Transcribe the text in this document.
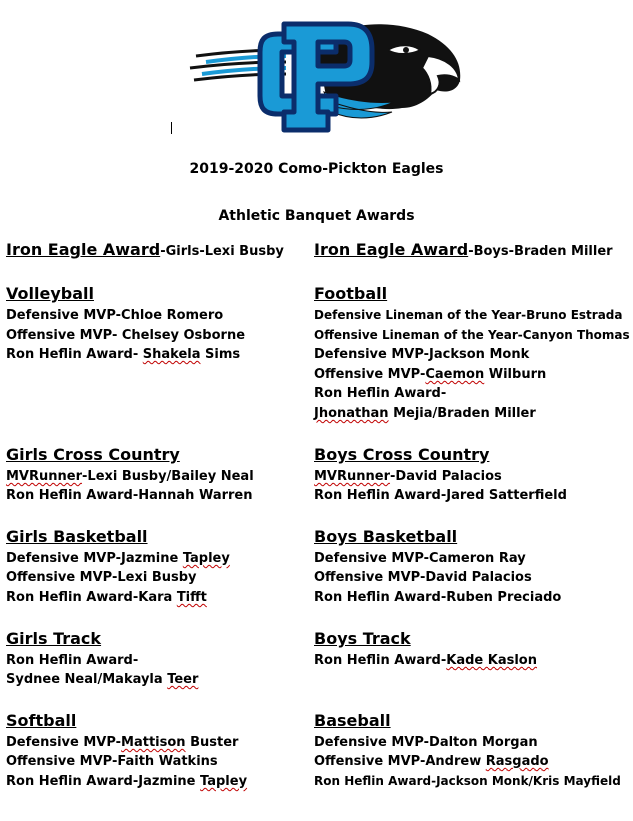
2019-2020 Como-Pickton Eagles
Athletic Banquet Awards
Iron Eagle Award-Girls-Lexi Busby
Volleyball
Defensive MVP-Chloe Romero
Offensive MVP- Chelsey Osborne
Ron Heflin Award- Shakela Sims
Girls Cross Country
MVRunner-Lexi Busby/Bailey Neal
Ron Heflin Award-Hannah Warren
Girls Basketball
Defensive MVP-Jazmine Tapley
Offensive MVP-Lexi Busby
Ron Heflin Award-Kara Tifft
Girls Track
Ron Heflin Award-
Sydnee Neal/Makayla Teer
Softball
Defensive MVP-Mattison Buster
Offensive MVP-Faith Watkins
Ron Heflin Award-Jazmine Tapley
Iron Eagle Award-Boys-Braden Miller
Football
Defensive Lineman of the Year-Bruno Estrada
Offensive Lineman of the Year-Canyon Thomas
Defensive MVP-Jackson Monk
Offensive MVP-Caemon Wilburn
Ron Heflin Award-
Jhonathan Mejia/Braden Miller
Boys Cross Country
MVRunner-David Palacios
Ron Heflin Award-Jared Satterfield
Boys Basketball
Defensive MVP-Cameron Ray
Offensive MVP-David Palacios
Ron Heflin Award-Ruben Preciado
Boys Track
Ron Heflin Award-Kade Kaslon
Baseball
Defensive MVP-Dalton Morgan
Offensive MVP-Andrew Rasgado
Ron Heflin Award-Jackson Monk/Kris Mayfield
